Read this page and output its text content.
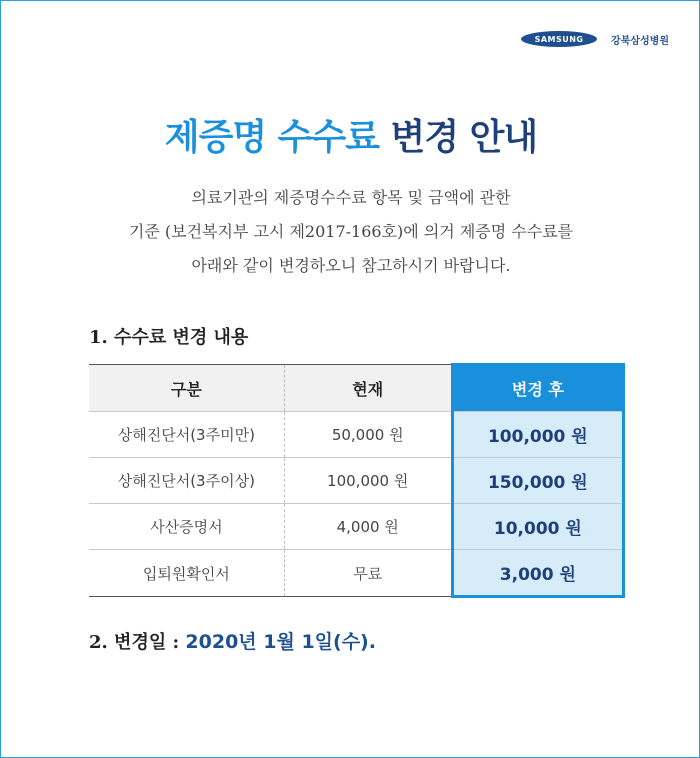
SAMSUNG	강북삼성병원
제증명 수수료 변경 안내
의료기관의 제증명수수료 항목 및 금액에 관한
기준 (보건복지부 고시 제2017-166호)에 의거 제증명 수수료를
아래와 같이 변경하오니 참고하시기 바랍니다.
1. 수수료 변경 내용
구분	현재	변경 후
상해진단서(3주미만)	50,000 원	100,000 원
상해진단서(3주이상)	100,000 원	150,000 원
사산증명서	4,000 원	10,000 원
입퇴원확인서	무료	3,000 원
2. 변경일 : 2020년 1월 1일(수).
